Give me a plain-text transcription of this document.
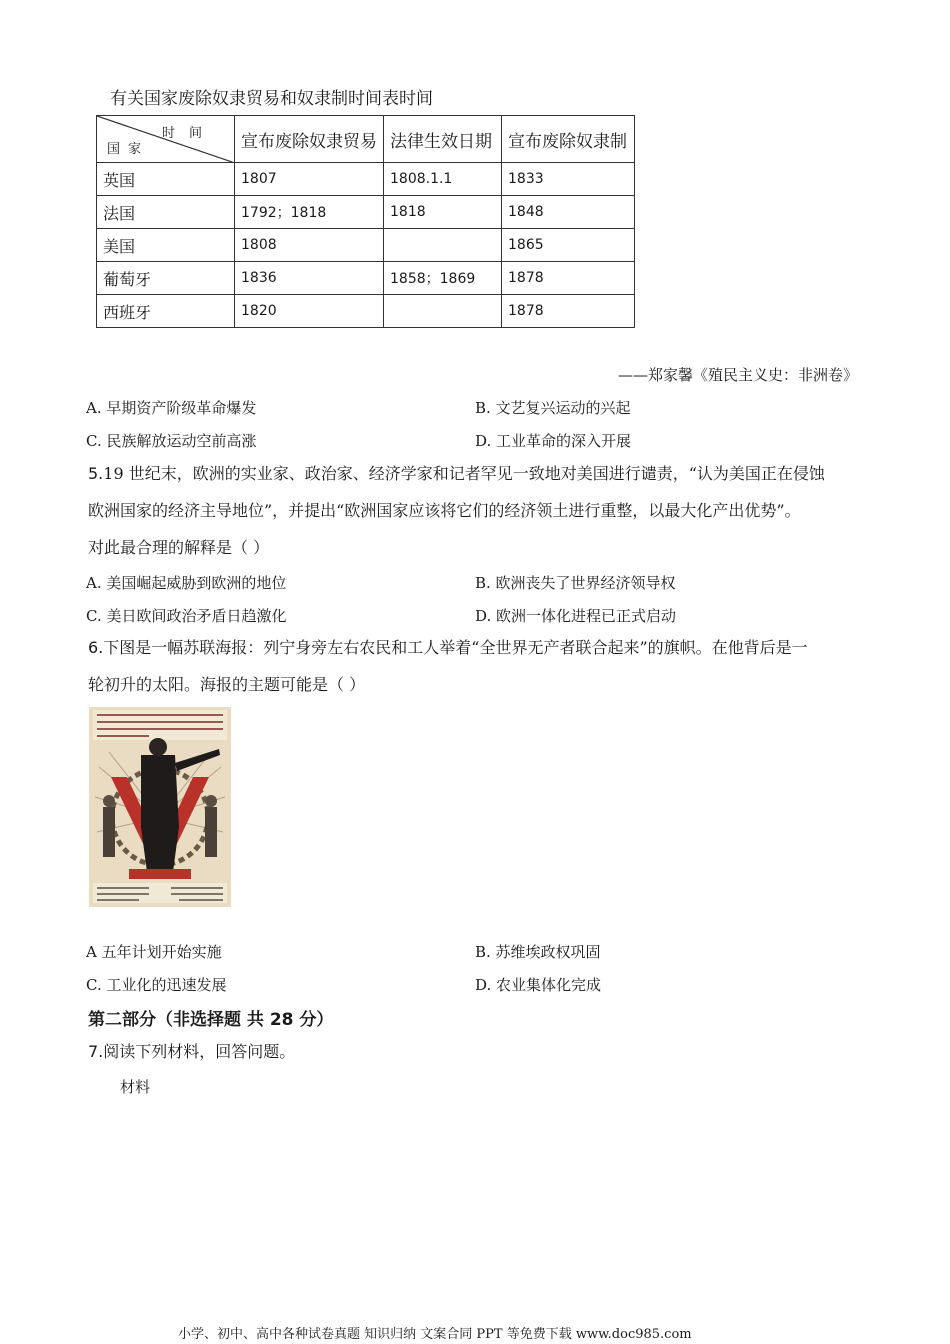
有关国家废除奴隶贸易和奴隶制时间表时间
时间
国家	宣布废除奴隶贸易	法律生效日期	宣布废除奴隶制
英国	1807	1808.1.1	1833
法国	1792；1818	1818	1848
美国	1808		1865
葡萄牙	1836	1858；1869	1878
西班牙	1820		1878
——郑家馨《殖民主义史：非洲卷》
A. 早期资产阶级革命爆发	B. 文艺复兴运动的兴起
C. 民族解放运动空前高涨	D. 工业革命的深入开展
5.19 世纪末，欧洲的实业家、政治家、经济学家和记者罕见一致地对美国进行谴责，“认为美国正在侵蚀
欧洲国家的经济主导地位”，并提出“欧洲国家应该将它们的经济领土进行重整，以最大化产出优势”。
对此最合理的解释是（ ）
A. 美国崛起威胁到欧洲的地位	B. 欧洲丧失了世界经济领导权
C. 美日欧间政治矛盾日趋激化	D. 欧洲一体化进程已正式启动
6.下图是一幅苏联海报：列宁身旁左右农民和工人举着“全世界无产者联合起来”的旗帜。在他背后是一
轮初升的太阳。海报的主题可能是（ ）
A 五年计划开始实施	B. 苏维埃政权巩固
C. 工业化的迅速发展	D. 农业集体化完成
第二部分（非选择题 共 28 分）
7.阅读下列材料，回答问题。
材料
小学、初中、高中各种试卷真题 知识归纳 文案合同 PPT 等免费下载 www.doc985.com
